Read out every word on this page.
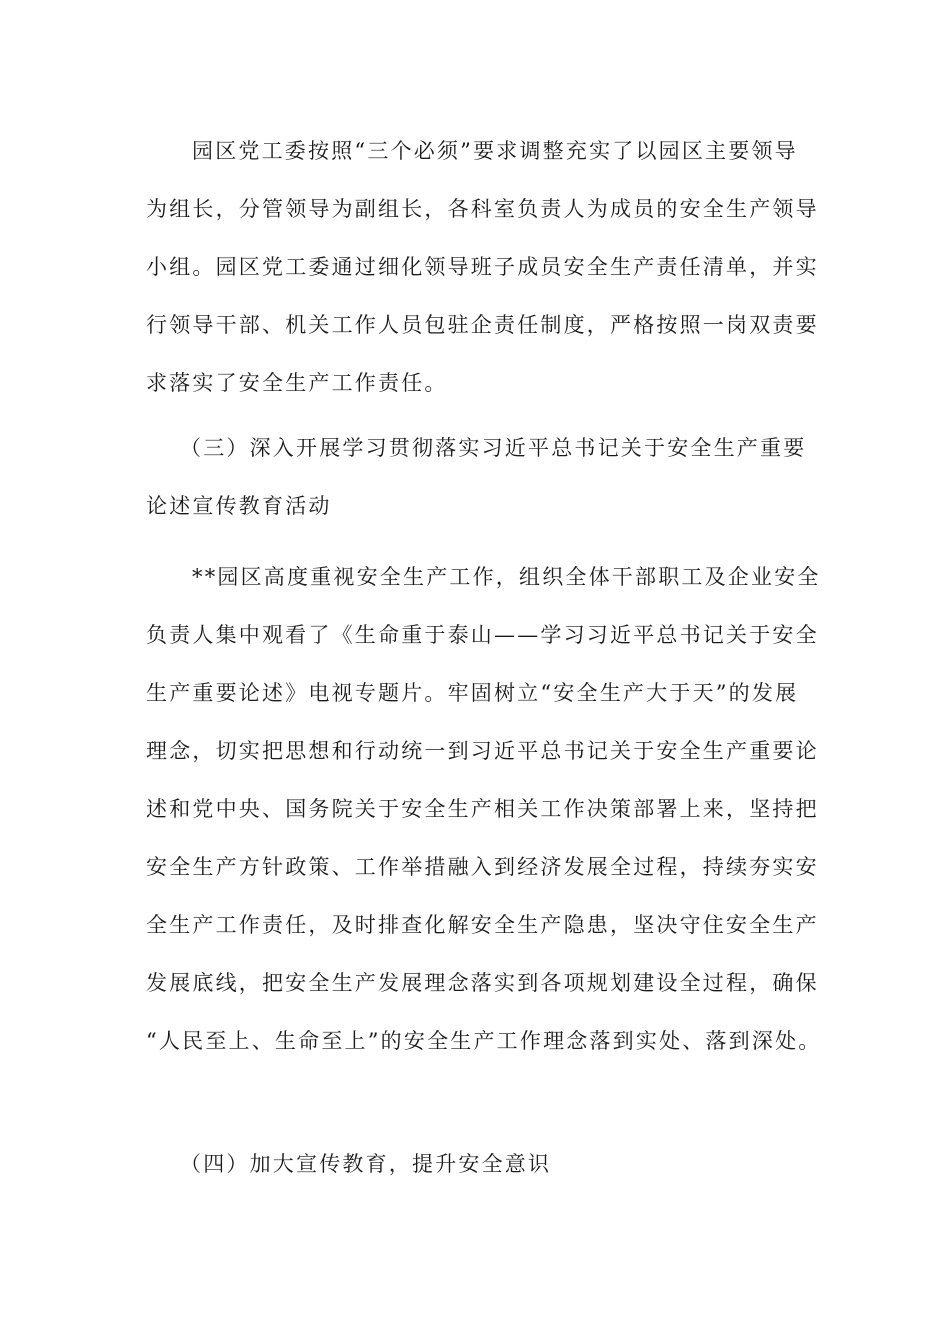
园区党工委按照“三个必须”要求调整充实了以园区主要领导
为组长，分管领导为副组长，各科室负责人为成员的安全生产领导
小组。园区党工委通过细化领导班子成员安全生产责任清单，并实
行领导干部、机关工作人员包驻企责任制度，严格按照一岗双责要
求落实了安全生产工作责任。
（三）深入开展学习贯彻落实习近平总书记关于安全生产重要
论述宣传教育活动
**园区高度重视安全生产工作，组织全体干部职工及企业安全
负责人集中观看了《生命重于泰山——学习习近平总书记关于安全
生产重要论述》电视专题片。牢固树立“安全生产大于天”的发展
理念，切实把思想和行动统一到习近平总书记关于安全生产重要论
述和党中央、国务院关于安全生产相关工作决策部署上来，坚持把
安全生产方针政策、工作举措融入到经济发展全过程，持续夯实安
全生产工作责任，及时排查化解安全生产隐患，坚决守住安全生产
发展底线，把安全生产发展理念落实到各项规划建设全过程，确保
“人民至上、生命至上”的安全生产工作理念落到实处、落到深处。
（四）加大宣传教育，提升安全意识
